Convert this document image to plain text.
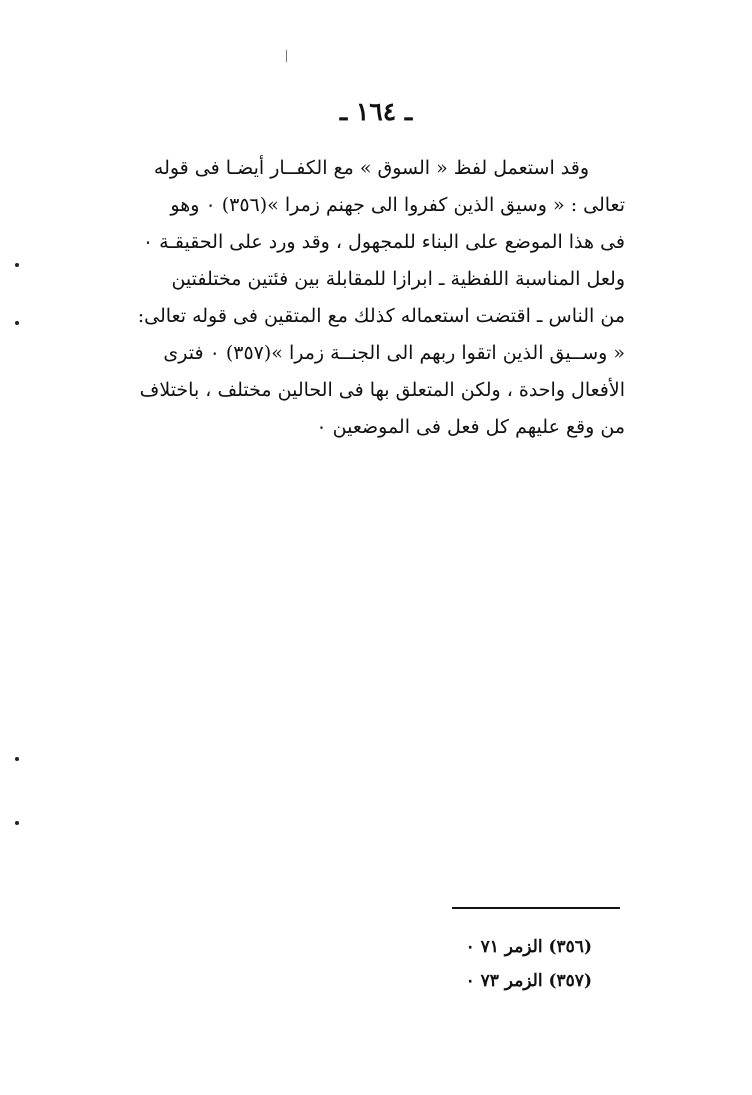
ـ ١٦٤ ـ
وقد استعمل لفظ « السوق » مع الكفــار أيضـا فى قوله
تعالى : « وسيق الذين كفروا الى جهنم زمرا »(٣٥٦) ٠ وهو
فى هذا الموضع على البناء للمجهول ، وقد ورد على الحقيقـة ٠
ولعل المناسبة اللفظية ـ ابرازا للمقابلة بين فئتين مختلفتين
من الناس ـ اقتضت استعماله كذلك مع المتقين فى قوله تعالى:
« وســيق الذين اتقوا ربهم الى الجنــة زمرا »(٣٥٧) ٠ فترى
الأفعال واحدة ، ولكن المتعلق بها فى الحالين مختلف ، باختلاف
من وقع عليهم كل فعل فى الموضعين ٠
(٣٥٦) الزمر ٧١ ٠
(٣٥٧) الزمر ٧٣ ٠
